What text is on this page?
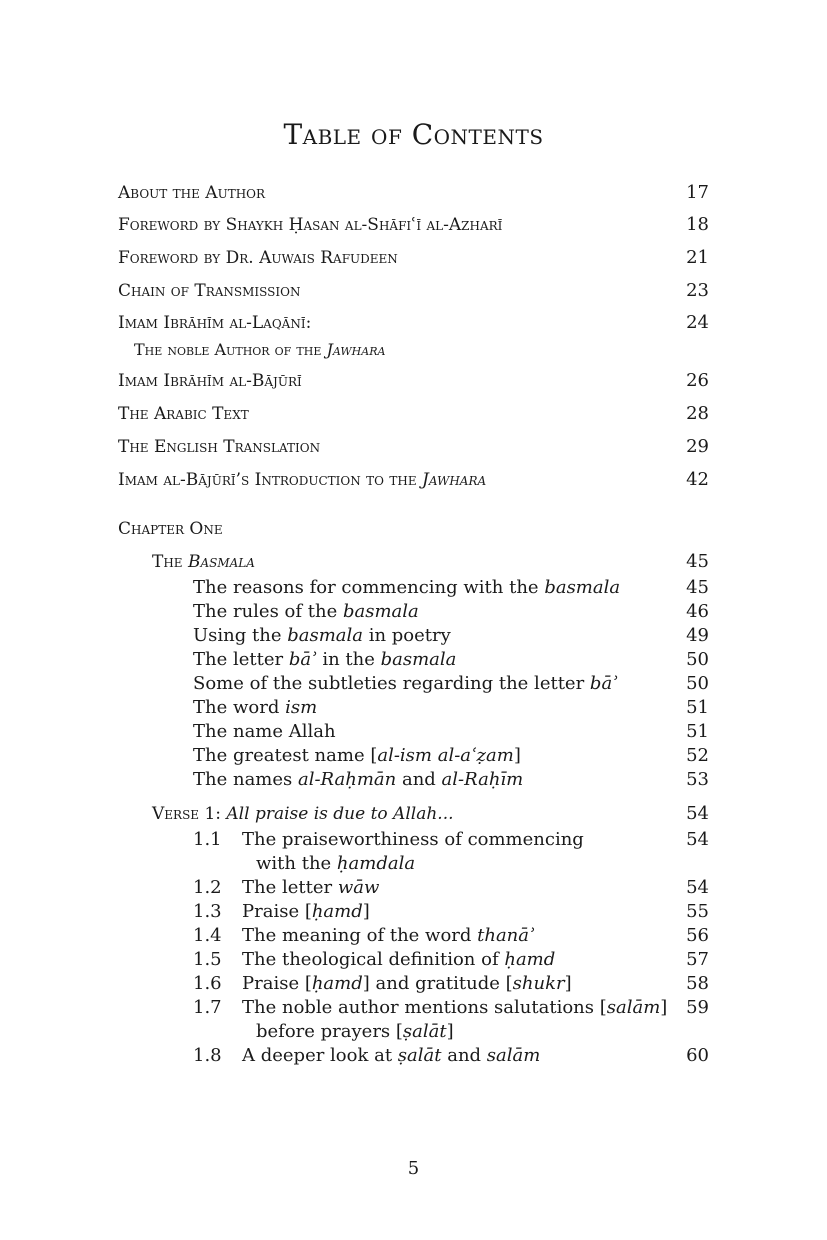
Table of Contents
About the Author	17
Foreword by Shaykh Ḥasan al-Shāfiʿī al-Azharī	18
Foreword by Dr. Auwais Rafudeen	21
Chain of Transmission	23
Imam Ibrāhīm al-Laqānī:	24
The noble Author of the Jawhara
Imam Ibrāhīm al-Bājūrī	26
The Arabic Text	28
The English Translation	29
Imam al-Bājūrī’s Introduction to the Jawhara	42
Chapter One
The Basmala	45
The reasons for commencing with the basmala	45
The rules of the basmala	46
Using the basmala in poetry	49
The letter bāʾ in the basmala	50
Some of the subtleties regarding the letter bāʾ	50
The word ism	51
The name Allah	51
The greatest name [al-ism al-aʿẓam]	52
The names al-Raḥmān and al-Raḥīm	53
Verse 1: All praise is due to Allah...	54
1.1 The praiseworthiness of commencing	54
with the ḥamdala
1.2 The letter wāw	54
1.3 Praise [ḥamd]	55
1.4 The meaning of the word thanāʾ	56
1.5 The theological definition of ḥamd	57
1.6 Praise [ḥamd] and gratitude [shukr]	58
1.7 The noble author mentions salutations [salām]	59
before prayers [ṣalāt]
1.8 A deeper look at ṣalāt and salām	60
5
